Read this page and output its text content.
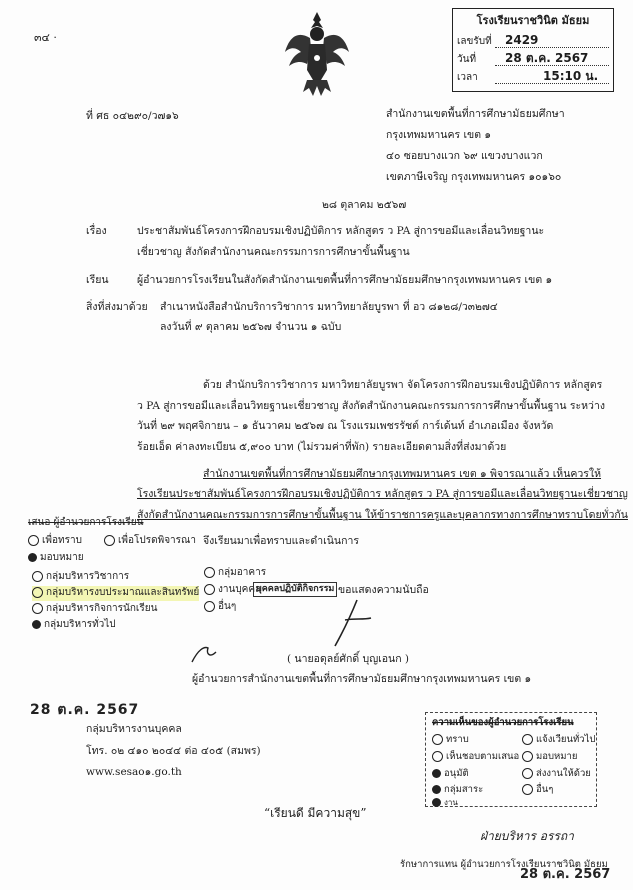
๓๔ ·
โรงเรียนราชวินิต มัธยม
เลขรับที่	2429
วันที่	28 ต.ค. 2567
เวลา	15:10 น.
ที่ ศธ ๐๔๒๙๐/ว๗๑๖	สำนักงานเขตพื้นที่การศึกษามัธยมศึกษา
กรุงเทพมหานคร เขต ๑
๔๐ ซอยบางแวก ๖๙ แขวงบางแวก
เขตภาษีเจริญ กรุงเทพมหานคร ๑๐๑๖๐
๒๘ ตุลาคม ๒๕๖๗
เรื่อง	ประชาสัมพันธ์โครงการฝึกอบรมเชิงปฏิบัติการ หลักสูตร ว PA สู่การขอมีและเลื่อนวิทยฐานะ
เชี่ยวชาญ สังกัดสำนักงานคณะกรรมการการศึกษาขั้นพื้นฐาน
เรียน	ผู้อำนวยการโรงเรียนในสังกัดสำนักงานเขตพื้นที่การศึกษามัธยมศึกษากรุงเทพมหานคร เขต ๑
สิ่งที่ส่งมาด้วย สำเนาหนังสือสำนักบริการวิชาการ มหาวิทยาลัยบูรพา ที่ อว ๘๑๒๘/ว๓๒๗๔
ลงวันที่ ๙ ตุลาคม ๒๕๖๗ จำนวน ๑ ฉบับ
ด้วย สำนักบริการวิชาการ มหาวิทยาลัยบูรพา จัดโครงการฝึกอบรมเชิงปฏิบัติการ หลักสูตร
ว PA สู่การขอมีและเลื่อนวิทยฐานะเชี่ยวชาญ สังกัดสำนักงานคณะกรรมการการศึกษาขั้นพื้นฐาน ระหว่าง
วันที่ ๒๙ พฤศจิกายน – ๑ ธันวาคม ๒๕๖๗ ณ โรงแรมเพชรรัชต์ การ์เด้นท์ อำเภอเมือง จังหวัด
ร้อยเอ็ด ค่าลงทะเบียน ๕,๙๐๐ บาท (ไม่รวมค่าที่พัก) รายละเอียดตามสิ่งที่ส่งมาด้วย
สำนักงานเขตพื้นที่การศึกษามัธยมศึกษากรุงเทพมหานคร เขต ๑ พิจารณาแล้ว เห็นควรให้
โรงเรียนประชาสัมพันธ์โครงการฝึกอบรมเชิงปฏิบัติการ หลักสูตร ว PA สู่การขอมีและเลื่อนวิทยฐานะเชี่ยวชาญ
สังกัดสำนักงานคณะกรรมการการศึกษาขั้นพื้นฐาน ให้ข้าราชการครูและบุคลากรทางการศึกษาทราบโดยทั่วกัน
เสนอ ผู้อำนวยการโรงเรียน
เพื่อทราบ	เพื่อโปรดพิจารณา จึงเรียนมาเพื่อทราบและดำเนินการ
มอบหมาย
กลุ่มบริหารวิชาการ	กลุ่มอาคาร
กลุ่มบริหารงบประมาณและสินทรัพย์	งานบุคคล
บุคคลปฏิบัติกิจกรรม ขอแสดงความนับถือ
กลุ่มบริหารกิจการนักเรียน	อื่นๆ
กลุ่มบริหารทั่วไป
( นายอดุลย์ศักดิ์ บุญเอนก )
ผู้อำนวยการสำนักงานเขตพื้นที่การศึกษามัธยมศึกษากรุงเทพมหานคร เขต ๑
28 ต.ค. 2567
กลุ่มบริหารงานบุคคล
โทร. ๐๒ ๔๑๐ ๒๐๔๔ ต่อ ๔๐๕ (สมพร)
www.sesao๑.go.th
“เรียนดี มีความสุข”
ความเห็นของผู้อำนวยการโรงเรียน
ทราบ	แจ้งเวียนทั่วไป
เห็นชอบตามเสนอ	มอบหมาย
อนุมัติ	ส่งงานให้ด้วย
กลุ่มสาระ	อื่นๆ
งาน
ฝ่ายบริหาร อรรถา
รักษาการแทน ผู้อำนวยการโรงเรียนราชวินิต มัธยม
28 ต.ค. 2567
